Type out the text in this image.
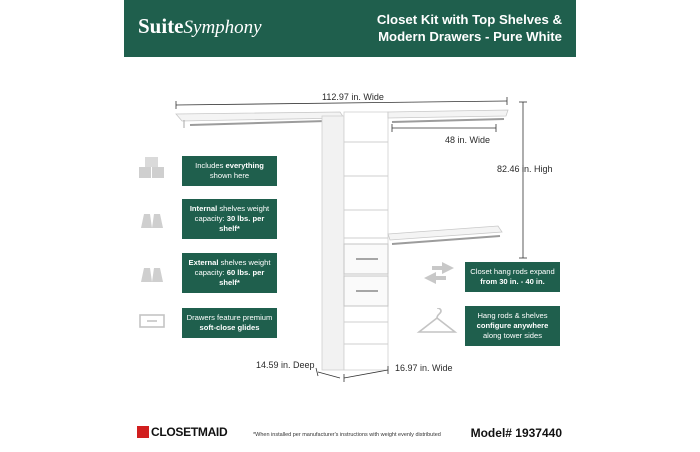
SuiteSymphony	Closet Kit with Top Shelves & Modern Drawers - Pure White
112.97 in. Wide
48 in. Wide
82.46 in. High
14.59 in. Deep	16.97 in. Wide
Includes everything shown here
Internal shelves weight capacity: 30 lbs. per shelf*
External shelves weight capacity: 60 lbs. per shelf*
Drawers feature premium soft-close glides
Closet hang rods expand from 30 in. - 40 in.
Hang rods & shelves configure anywhere along tower sides
CLOSETMAID	*When installed per manufacturer's instructions with weight evenly distributed Model# 1937440
